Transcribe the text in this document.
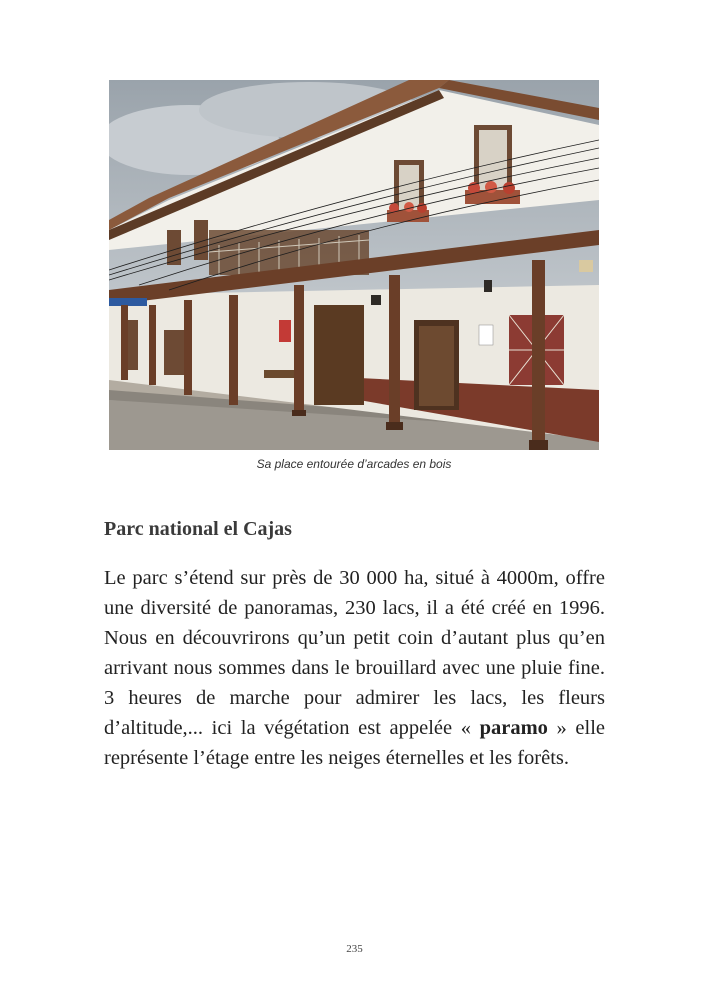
Sa place entourée d’arcades en bois
Parc national el Cajas

Le parc s’étend sur près de 30 000 ha, situé à 4000m, offre une diversité de panoramas, 230 lacs, il a été créé en 1996. Nous en découvrirons qu’un petit coin d’autant plus qu’en arrivant nous sommes dans le brouillard avec une pluie fine. 3 heures de marche pour admirer les lacs, les fleurs d’altitude,... ici la végétation est appelée « paramo » elle représente l’étage entre les neiges éternelles et les forêts.

235
